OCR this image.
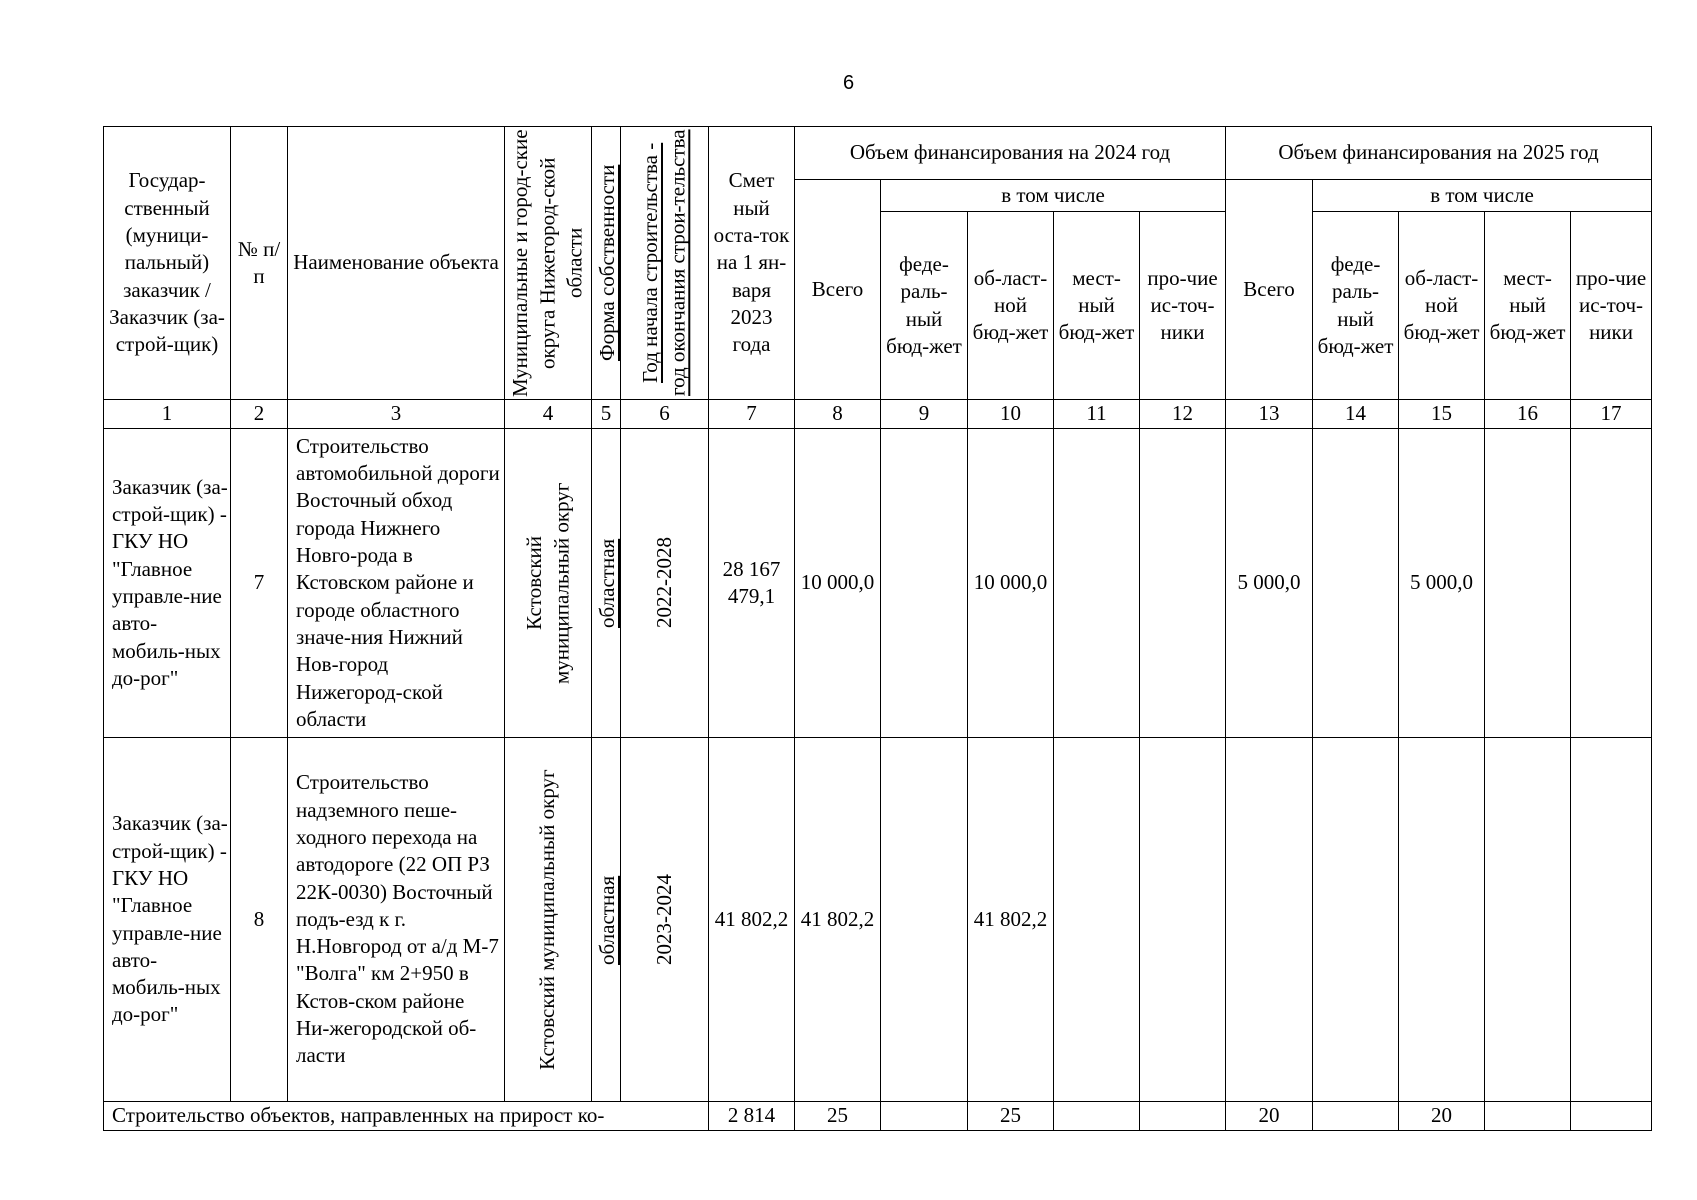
6
Государ-ственный (муници-пальный) заказчик /Заказчик (за-строй-щик)	№ п/п	Наименование объекта	Муниципальные и город-ские округа Нижегород-ской области	Форма собственности	Год начала строительства - год окончания строи-тельства	Смет ный оста-ток на 1 ян-варя 2023 года	Объем финансирования на 2024 год					Объем финансирования на 2025 год				
							Всего	в том числе				Всего	в том числе			
								феде-раль-ный бюд-жет	об-ласт-ной бюд-жет	мест-ный бюд-жет	про-чие ис-точ-ники		феде-раль-ный бюд-жет	об-ласт-ной бюд-жет	мест-ный бюд-жет	про-чие ис-точ-ники
1	2	3	4	5	6	7	8	9	10	11	12	13	14	15	16	17
Заказчик (за-строй-щик) - ГКУ НО "Главное управле-ние авто-мобиль-ных до-рог"	7	Строительство автомобильной дороги Восточный обход города Нижнего Новго-рода в Кстовском районе и городе областного значе-ния Нижний Нов-город Нижегород-ской области	Кстовский муниципальный округ	областная	2022-2028	28 167 479,1	10 000,0		10 000,0			5 000,0		5 000,0		
Заказчик (за-строй-щик) - ГКУ НО "Главное управле-ние авто-мобиль-ных до-рог"	8	Строительство надземного пеше-ходного перехода на автодороге (22 ОП РЗ 22К-0030) Восточный подъ-езд к г. Н.Новгород от а/д М-7 "Волга" км 2+950 в Кстов-ском районе Ни-жегородской об-ласти	Кстовский муниципальный округ	областная	2023-2024	41 802,2	41 802,2		41 802,2							
Строительство объектов, направленных на прирост ко-						2 814	25		25			20		20		
